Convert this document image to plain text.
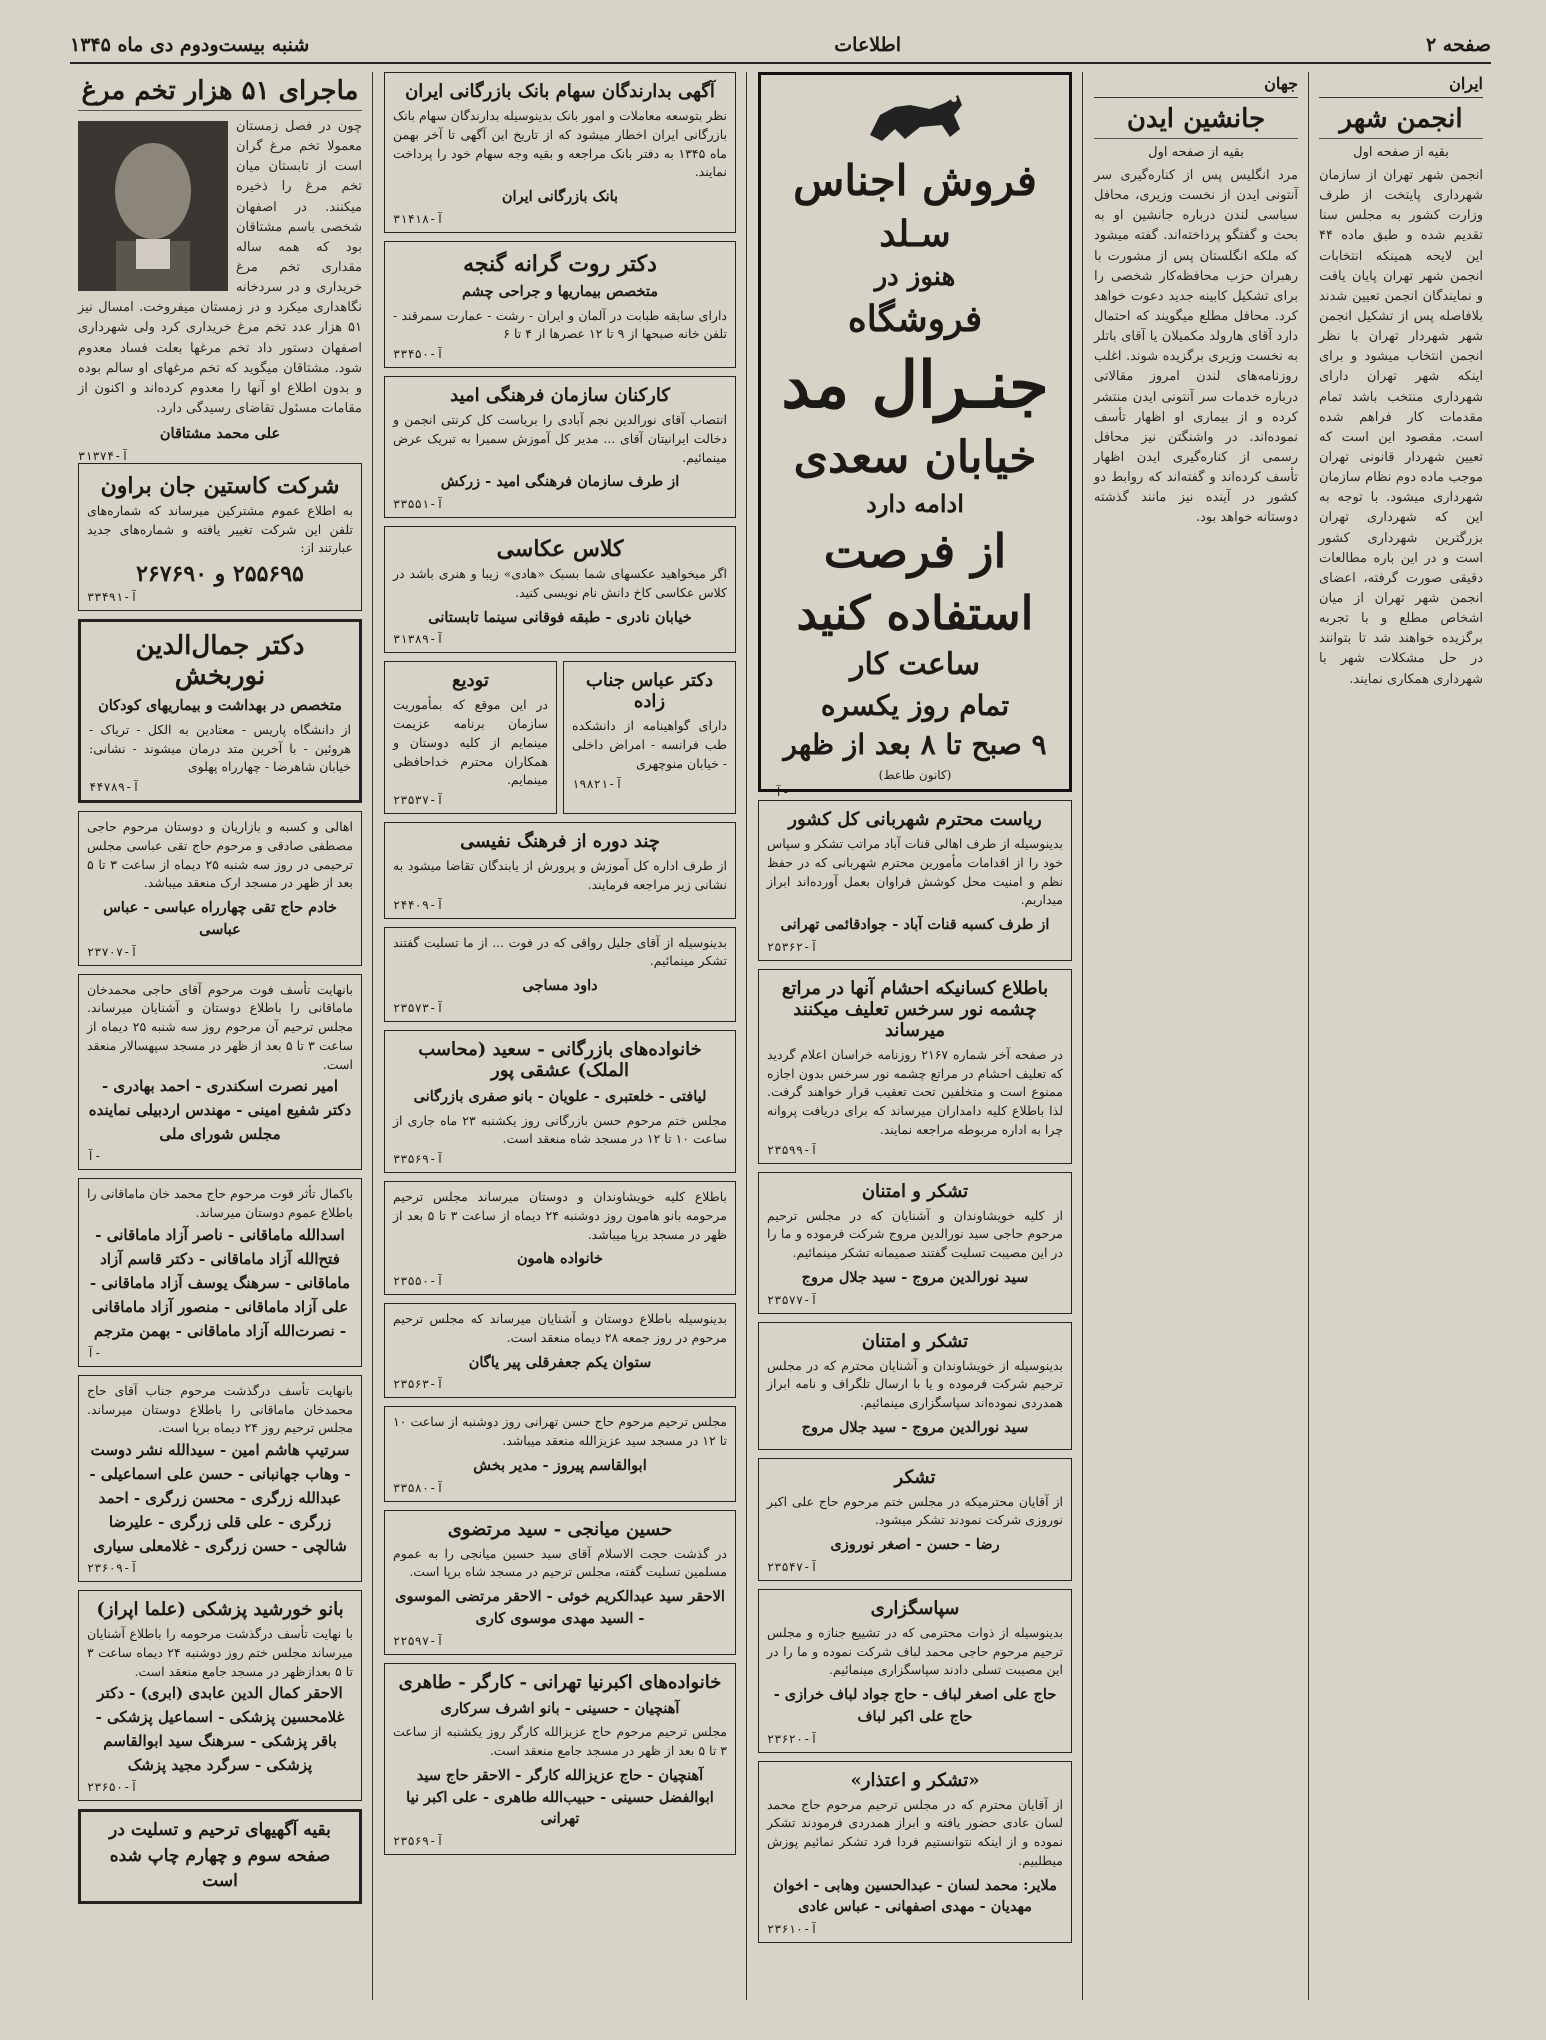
صفحه ۲
اطلاعات
شنبه بیست‌ودوم دی ماه ۱۳۴۵
ایران
انجمن شهر
بقیه از صفحه اول
انجمن شهر تهران از سازمان شهرداری پایتخت از طرف وزارت کشور به مجلس سنا تقدیم شده و طبق ماده ۴۴ این لایحه همینکه انتخابات انجمن شهر تهران پایان یافت و نمایندگان انجمن تعیین شدند بلافاصله پس از تشکیل انجمن شهر شهردار تهران با نظر انجمن انتخاب میشود و برای اینکه شهر تهران دارای شهرداری منتخب باشد تمام مقدمات کار فراهم شده است. مقصود این است که تعیین شهردار قانونی تهران موجب ماده دوم نظام سازمان شهرداری میشود. با توجه به این که شهرداری تهران بزرگترین شهرداری کشور است و در این باره مطالعات دقیقی صورت گرفته، اعضای انجمن شهر تهران از میان اشخاص مطلع و با تجربه برگزیده خواهند شد تا بتوانند در حل مشکلات شهر با شهرداری همکاری نمایند.
جهان
جانشین ایدن
بقیه از صفحه اول
مرد انگلیس پس از کناره‌گیری سر آنتونی ایدن از نخست وزیری، محافل سیاسی لندن درباره جانشین او به بحث و گفتگو پرداخته‌اند. گفته میشود که ملکه انگلستان پس از مشورت با رهبران حزب محافظه‌کار شخصی را برای تشکیل کابینه جدید دعوت خواهد کرد. محافل مطلع میگویند که احتمال دارد آقای هارولد مکمیلان یا آقای باتلر به نخست وزیری برگزیده شوند. اغلب روزنامه‌های لندن امروز مقالاتی درباره خدمات سر آنتونی ایدن منتشر کرده و از بیماری او اظهار تأسف نموده‌اند. در واشنگتن نیز محافل رسمی از کناره‌گیری ایدن اظهار تأسف کرده‌اند و گفته‌اند که روابط دو کشور در آینده نیز مانند گذشته دوستانه خواهد بود.
فروش اجناس
سـلد
هنوز در
فروشگاه
جنـرال مد
خیابان سعدی
ادامه دارد
از فرصت
استفاده کنید
ساعت کار
تمام روز یکسره
۹ صبح تا ۸ بعد از ظهر
(کانون طاعط)
آ-
ریاست محترم شهربانی کل کشور
بدینوسیله از طرف اهالی قنات آباد مراتب تشکر و سپاس خود را از اقدامات مأمورین محترم شهربانی که در حفظ نظم و امنیت محل کوشش فراوان بعمل آورده‌اند ابراز میداریم.
از طرف کسبه قنات آباد - جوادقائمی تهرانی
آ-۲۵۳۶۲
باطلاع کسانیکه احشام آنها در مراتع چشمه نور سرخس تعلیف میکنند میرساند
در صفحه آخر شماره ۲۱۶۷ روزنامه خراسان اعلام گردید که تعلیف احشام در مراتع چشمه نور سرخس بدون اجازه ممنوع است و متخلفین تحت تعقیب قرار خواهند گرفت. لذا باطلاع کلیه دامداران میرساند که برای دریافت پروانه چرا به اداره مربوطه مراجعه نمایند.
آ-۲۳۵۹۹
تشکر و امتنان
از کلیه خویشاوندان و آشنایان که در مجلس ترحیم مرحوم حاجی سید نورالدین مروج شرکت فرموده و ما را در این مصیبت تسلیت گفتند صمیمانه تشکر مینمائیم.
سید نورالدین مروج - سید جلال مروج
آ-۲۳۵۷۷
تشکر و امتنان
بدینوسیله از خویشاوندان و آشنایان محترم که در مجلس ترحیم شرکت فرموده و یا با ارسال تلگراف و نامه ابراز همدردی نموده‌اند سپاسگزاری مینمائیم.
سید نورالدین مروج - سید جلال مروج
تشکر
از آقایان محترمیکه در مجلس ختم مرحوم حاج علی اکبر نوروزی شرکت نمودند تشکر میشود.
رضا - حسن - اصغر نوروزی
آ-۲۳۵۴۷
سپاسگزاری
بدینوسیله از ذوات محترمی که در تشییع جنازه و مجلس ترحیم مرحوم حاجی محمد لباف شرکت نموده و ما را در این مصیبت تسلی دادند سپاسگزاری مینمائیم.
حاج علی اصغر لباف - حاج جواد لباف خرازی - حاج علی اکبر لباف
آ-۲۳۶۲۰
«تشکر و اعتذار»
از آقایان محترم که در مجلس ترحیم مرحوم حاج محمد لسان عادی حضور یافته و ابراز همدردی فرمودند تشکر نموده و از اینکه نتوانستیم فردا فرد تشکر نمائیم پوزش میطلبیم.
ملایر: محمد لسان - عبدالحسین وهابی - اخوان مهدیان - مهدی اصفهانی - عباس عادی
آ-۲۳۶۱۰
آگهی بدارندگان سهام بانک بازرگانی ایران
نظر بتوسعه معاملات و امور بانک بدینوسیله بدارندگان سهام بانک بازرگانی ایران اخطار میشود که از تاریخ این آگهی تا آخر بهمن ماه ۱۳۴۵ به دفتر بانک مراجعه و بقیه وجه سهام خود را پرداخت نمایند.
بانک بازرگانی ایران
آ-۳۱۴۱۸
دکتر روت گرانه گنجه
متخصص بیماریها و جراحی چشم
دارای سابقه طبابت در آلمان و ایران - رشت - عمارت سمرقند - تلفن خانه صبحها از ۹ تا ۱۲ عصرها از ۴ تا ۶
آ-۳۳۴۵۰
کارکنان سازمان فرهنگی امید
انتصاب آقای نورالدین نجم آبادی را بریاست کل کرنتی انجمن و دخالت ایرانیتان آقای ... مدیر کل آموزش سمیرا به تبریک عرض مینمائیم.
از طرف سازمان فرهنگی امید - زرکش
آ-۳۳۵۵۱
کلاس عکاسی
اگر میخواهید عکسهای شما بسبک «هادی» زیبا و هنری باشد در کلاس عکاسی کاخ دانش نام نویسی کنید.
خیابان نادری - طبقه فوقانی سینما تابستانی
آ-۳۱۳۸۹
دکتر عباس جناب زاده
دارای گواهینامه از دانشکده طب فرانسه - امراض داخلی - خیابان منوچهری
آ-۱۹۸۲۱
تودیع
در این موقع که بمأموریت سازمان برنامه عزیمت مینمایم از کلیه دوستان و همکاران محترم خداحافظی مینمایم.
آ-۲۳۵۳۷
چند دوره از فرهنگ نفیسی
از طرف اداره کل آموزش و پرورش از یابندگان تقاضا میشود به نشانی زیر مراجعه فرمایند.
آ-۲۴۴۰۹
بدینوسیله از آقای جلیل رواقی که در فوت ... از ما تسلیت گفتند تشکر مینمائیم.
داود مساجی
آ-۲۳۵۷۳
خانواده‌های بازرگانی - سعید (محاسب الملک) عشقی پور
لیافتی - خلعتبری - علویان - بانو صفری بازرگانی
مجلس ختم مرحوم حسن بازرگانی روز یکشنبه ۲۳ ماه جاری از ساعت ۱۰ تا ۱۲ در مسجد شاه منعقد است.
آ-۳۳۵۶۹
باطلاع کلیه خویشاوندان و دوستان میرساند مجلس ترحیم مرحومه بانو هامون روز دوشنبه ۲۴ دیماه از ساعت ۳ تا ۵ بعد از ظهر در مسجد برپا میباشد.
خانواده هامون
آ-۲۳۵۵۰
بدینوسیله باطلاع دوستان و آشنایان میرساند که مجلس ترحیم مرحوم در روز جمعه ۲۸ دیماه منعقد است.
ستوان یکم جعفرقلی پیر یاگان
آ-۲۳۵۶۳
مجلس ترحیم مرحوم حاج حسن تهرانی روز دوشنبه از ساعت ۱۰ تا ۱۲ در مسجد سید عزیزالله منعقد میباشد.
ابوالقاسم پیروز - مدیر بخش
آ-۳۳۵۸۰
حسین میانجی - سید مرتضوی
در گذشت حجت الاسلام آقای سید حسین میانجی را به عموم مسلمین تسلیت گفته، مجلس ترحیم در مسجد شاه برپا است.
الاحقر سید عبدالکریم خوئی - الاحقر مرتضی الموسوی - السید مهدی موسوی کاری
آ-۲۲۵۹۷
خانواده‌های اکبرنیا تهرانی - کارگر - طاهری
آهنچیان - حسینی - بانو اشرف سرکاری
مجلس ترحیم مرحوم حاج عزیزالله کارگر روز یکشنبه از ساعت ۳ تا ۵ بعد از ظهر در مسجد جامع منعقد است.
آهنچیان - حاج عزیزالله کارگر - الاحقر حاج سید ابوالفضل حسینی - حبیب‌الله طاهری - علی اکبر نیا تهرانی
آ-۲۳۵۶۹
ماجرای ۵۱ هزار تخم مرغ
چون در فصل زمستان معمولا تخم مرغ گران است از تابستان میان تخم مرغ را ذخیره میکنند. در اصفهان شخصی باسم مشتاقان بود که همه ساله مقداری تخم مرغ خریداری و در سردخانه نگاهداری میکرد و در زمستان میفروخت. امسال نیز ۵۱ هزار عدد تخم مرغ خریداری کرد ولی شهرداری اصفهان دستور داد تخم مرغها بعلت فساد معدوم شود. مشتاقان میگوید که تخم مرغهای او سالم بوده و بدون اطلاع او آنها را معدوم کرده‌اند و اکنون از مقامات مسئول تقاضای رسیدگی دارد.
علی محمد مشتاقان
آ-۳۱۳۷۴
شرکت کاستین جان براون
به اطلاع عموم مشترکین میرساند که شماره‌های تلفن این شرکت تغییر یافته و شماره‌های جدید عبارتند از:
۲۵۵۶۹۵ و ۲۶۷۶۹۰
آ-۳۳۴۹۱
دکتر جمال‌الدین نوربخش
متخصص در بهداشت و بیماریهای کودکان
از دانشگاه پاریس - معتادین به الکل - تریاک - هروئین - با آخرین متد درمان میشوند - نشانی: خیابان شاهرضا - چهارراه پهلوی
آ-۴۴۷۸۹
اهالی و کسبه و بازاریان و دوستان مرحوم حاجی مصطفی صادقی و مرحوم حاج تقی عباسی مجلس ترحیمی در روز سه شنبه ۲۵ دیماه از ساعت ۳ تا ۵ بعد از ظهر در مسجد ارک منعقد میباشد.
خادم حاج تقی چهارراه عباسی - عباس عباسی
آ-۲۳۷۰۷
بانهایت تأسف فوت مرحوم آقای حاجی محمدخان ماماقانی را باطلاع دوستان و آشنایان میرساند. مجلس ترحیم آن مرحوم روز سه شنبه ۲۵ دیماه از ساعت ۳ تا ۵ بعد از ظهر در مسجد سپهسالار منعقد است.
امیر نصرت اسکندری - احمد بهادری - دکتر شفیع امینی - مهندس اردبیلی نماینده مجلس شورای ملی
آ-
باکمال تأثر فوت مرحوم حاج محمد خان ماماقانی را باطلاع عموم دوستان میرساند.
اسدالله ماماقانی - ناصر آزاد ماماقانی - فتح‌الله آزاد ماماقانی - دکتر قاسم آزاد ماماقانی - سرهنگ یوسف آزاد ماماقانی - علی آزاد ماماقانی - منصور آزاد ماماقانی - نصرت‌الله آزاد ماماقانی - بهمن مترجم
آ-
بانهایت تأسف درگذشت مرحوم جناب آقای حاج محمدخان ماماقانی را باطلاع دوستان میرساند. مجلس ترحیم روز ۲۴ دیماه برپا است.
سرتیپ هاشم امین - سیدالله نشر دوست - وهاب جهانبانی - حسن علی اسماعیلی - عبدالله زرگری - محسن زرگری - احمد زرگری - علی قلی زرگری - علیرضا شالچی - حسن زرگری - غلامعلی سیاری
آ-۲۳۶۰۹
بانو خورشید پزشکی (علما اپراز)
با نهایت تأسف درگذشت مرحومه را باطلاع آشنایان میرساند مجلس ختم روز دوشنبه ۲۴ دیماه ساعت ۳ تا ۵ بعدازظهر در مسجد جامع منعقد است.
الاحقر کمال الدین عابدی (ابری) - دکتر غلامحسین پزشکی - اسماعیل پزشکی - باقر پزشکی - سرهنگ سید ابوالقاسم پزشکی - سرگرد مجید پزشک
آ-۲۳۶۵۰
بقیه آگهیهای ترحیم و تسلیت در صفحه سوم و چهارم چاپ شده است
